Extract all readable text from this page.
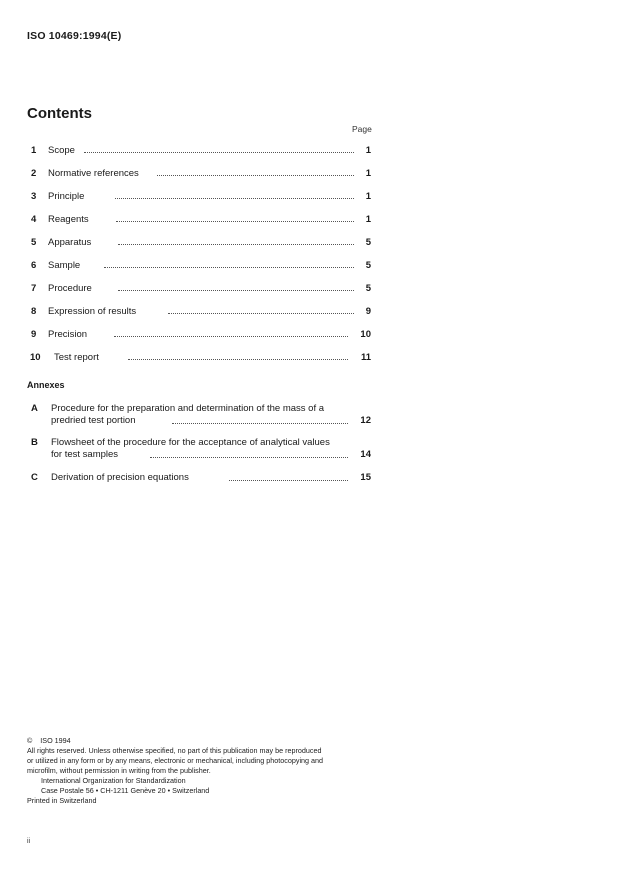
ISO 10469:1994(E)
Contents
Page
1 Scope	1
2 Normative references	1
3 Principle	1
4 Reagents	1
5 Apparatus	5
6 Sample	5
7 Procedure	5
8 Expression of results	9
9 Precision	10
10 Test report	11
Annexes
A Procedure for the preparation and determination of the mass of a
predried test portion	12
B Flowsheet of the procedure for the acceptance of analytical values
for test samples	14
C Derivation of precision equations	15
© ISO 1994
All rights reserved. Unless otherwise specified, no part of this publication may be reproduced
or utilized in any form or by any means, electronic or mechanical, including photocopying and
microfilm, without permission in writing from the publisher.
International Organization for Standardization
Case Postale 56 • CH-1211 Genève 20 • Switzerland
Printed in Switzerland
ii
